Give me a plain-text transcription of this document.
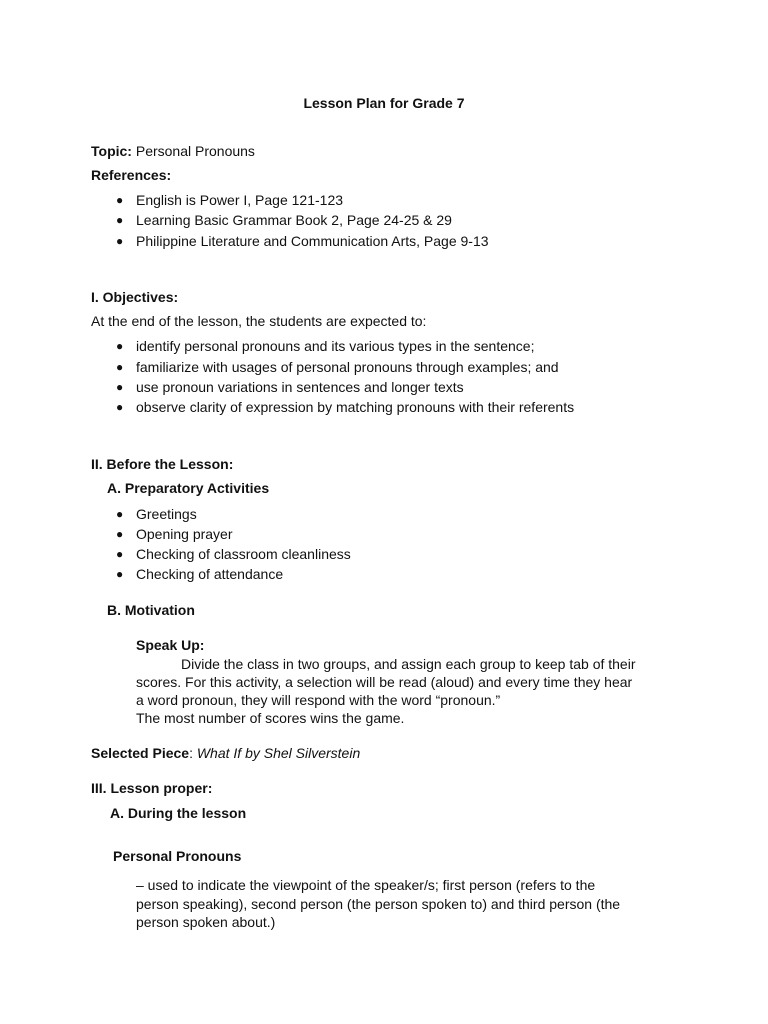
Lesson Plan for Grade 7
Topic: Personal Pronouns
References:
● English is Power I, Page 121-123
● Learning Basic Grammar Book 2, Page 24-25 & 29
● Philippine Literature and Communication Arts, Page 9-13
I. Objectives:
At the end of the lesson, the students are expected to:
● identify personal pronouns and its various types in the sentence;
● familiarize with usages of personal pronouns through examples; and
● use pronoun variations in sentences and longer texts
● observe clarity of expression by matching pronouns with their referents
II. Before the Lesson:
A. Preparatory Activities
● Greetings
● Opening prayer
● Checking of classroom cleanliness
● Checking of attendance
B. Motivation
Speak Up:
Divide the class in two groups, and assign each group to keep tab of their
scores. For this activity, a selection will be read (aloud) and every time they hear
a word pronoun, they will respond with the word “pronoun.”
The most number of scores wins the game.
Selected Piece: What If by Shel Silverstein
III. Lesson proper:
A. During the lesson
Personal Pronouns
– used to indicate the viewpoint of the speaker/s; first person (refers to the
person speaking), second person (the person spoken to) and third person (the
person spoken about.)
